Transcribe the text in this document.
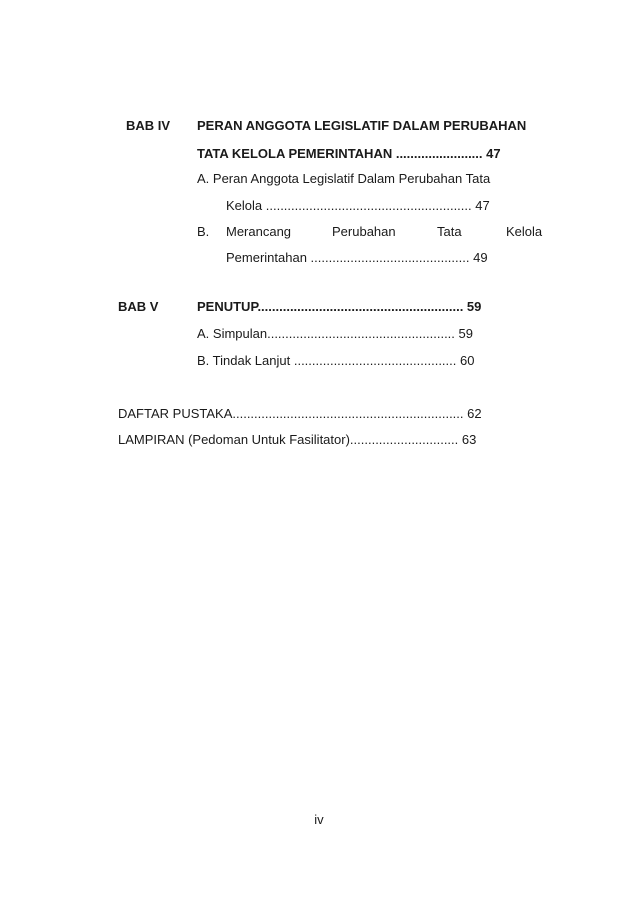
BAB IV PERAN ANGGOTA LEGISLATIF DALAM PERUBAHAN
TATA KELOLA PEMERINTAHAN ........................ 47
A. Peran Anggota Legislatif Dalam Perubahan Tata
Kelola ......................................................... 47
B. Merancang	Perubahan	Tata	Kelola
Pemerintahan ............................................ 49
BAB V	PENUTUP......................................................... 59
A. Simpulan.................................................... 59
B. Tindak Lanjut ............................................. 60
DAFTAR PUSTAKA................................................................ 62
LAMPIRAN (Pedoman Untuk Fasilitator).............................. 63
iv
